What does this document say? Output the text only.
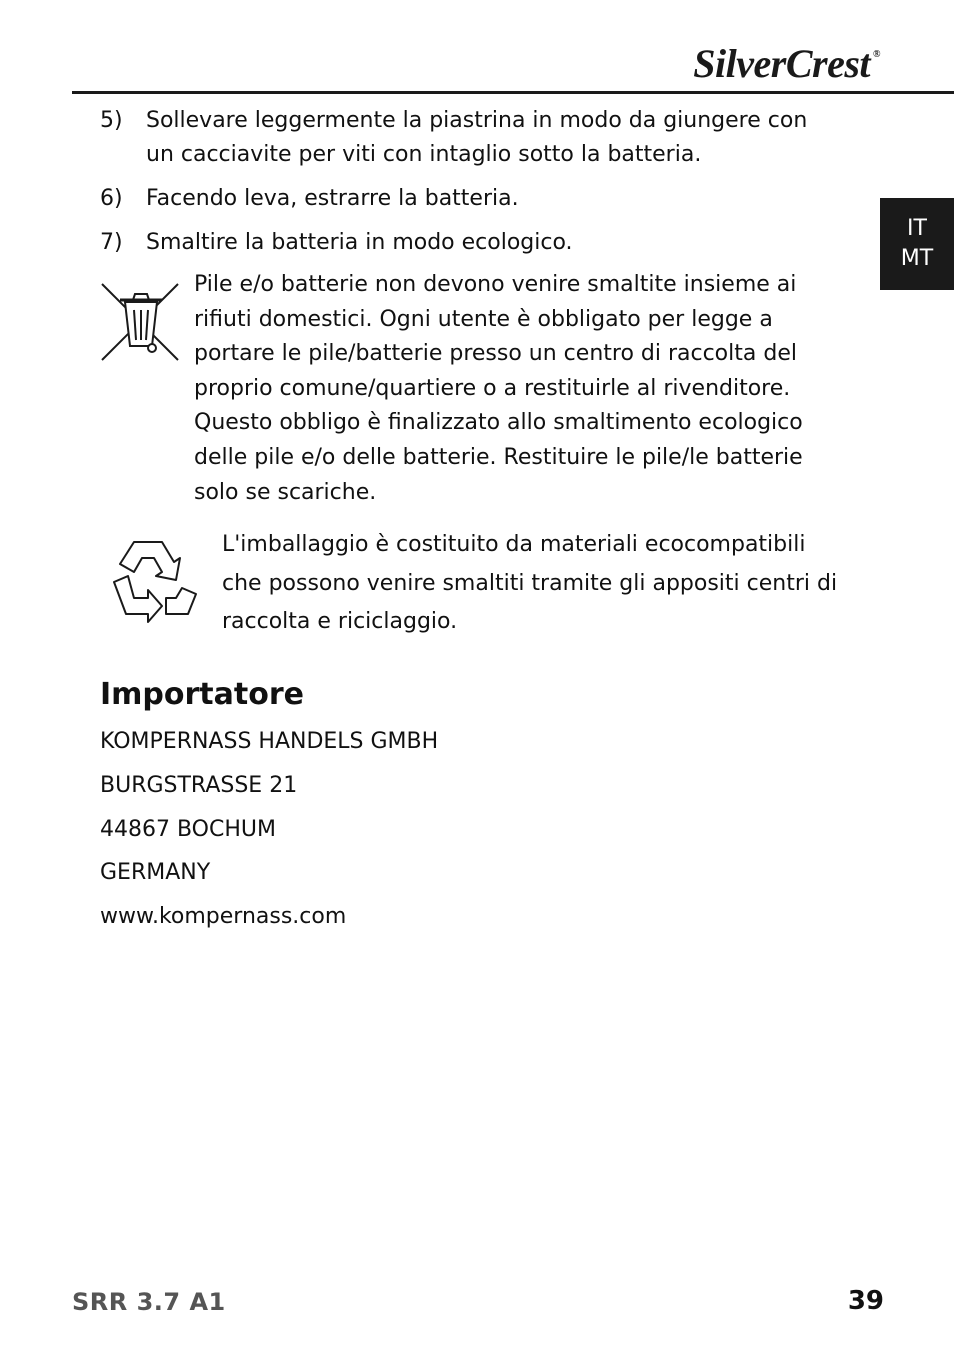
SilverCrest ®
IT
MT
5)	Sollevare leggermente la piastrina in modo da giungere con un cacciavite per viti con intaglio sotto la batteria.
6)	Facendo leva, estrarre la batteria.
7)	Smaltire la batteria in modo ecologico.
Pile e/o batterie non devono venire smaltite insieme ai rifiuti domestici. Ogni utente è obbligato per legge a portare le pile/batterie presso un centro di raccolta del proprio comune/quartiere o a restituirle al rivenditore. Questo obbligo è finalizzato allo smaltimento ecologico delle pile e/o delle batterie. Restituire le pile/le batterie solo se scariche.
L'imballaggio è costituito da materiali ecocompatibili che possono venire smaltiti tramite gli appositi centri di raccolta e riciclaggio.
Importatore

KOMPERNASS HANDELS GMBH

BURGSTRASSE 21

44867 BOCHUM

GERMANY

www.kompernass.com

SRR 3.7 A1	39
